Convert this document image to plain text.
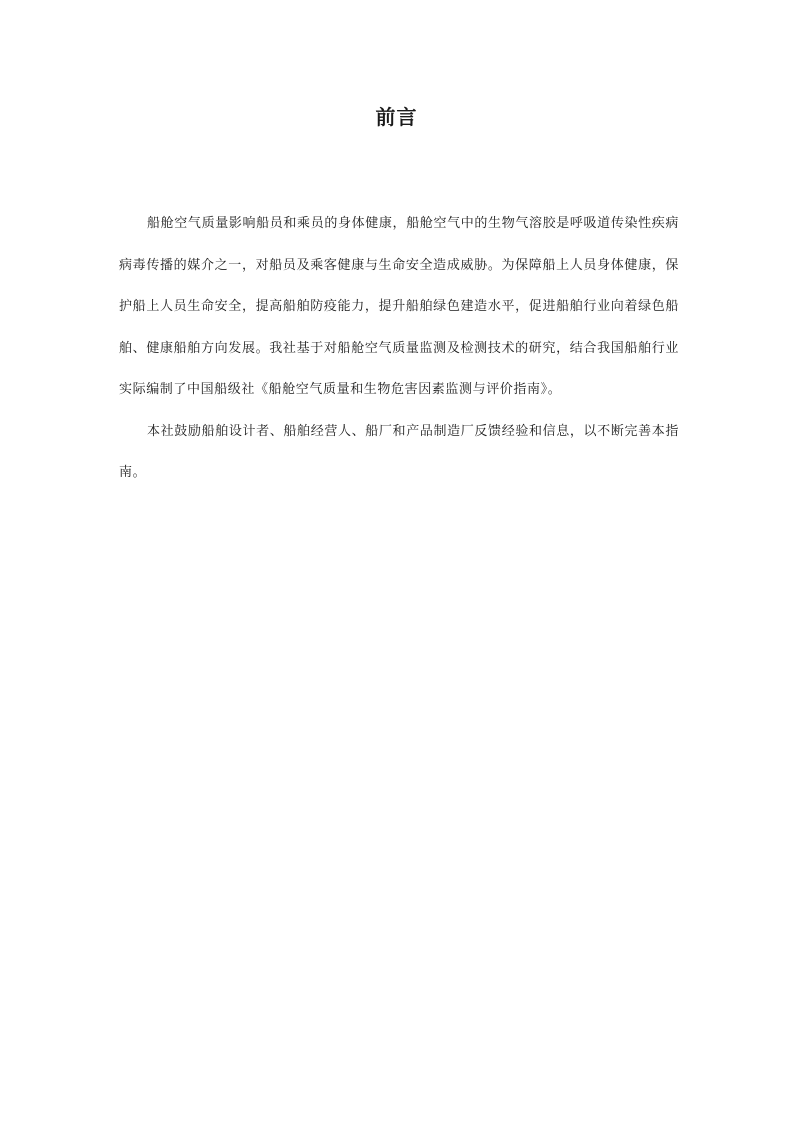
前言

船舱空气质量影响船员和乘员的身体健康，船舱空气中的生物气溶胶是呼吸道传染性疾病病毒传播的媒介之一，对船员及乘客健康与生命安全造成威胁。为保障船上人员身体健康，保护船上人员生命安全，提高船舶防疫能力，提升船舶绿色建造水平，促进船舶行业向着绿色船舶、健康船舶方向发展。我社基于对船舱空气质量监测及检测技术的研究，结合我国船舶行业实际编制了中国船级社《船舱空气质量和生物危害因素监测与评价指南》。

本社鼓励船舶设计者、船舶经营人、船厂和产品制造厂反馈经验和信息，以不断完善本指南。
